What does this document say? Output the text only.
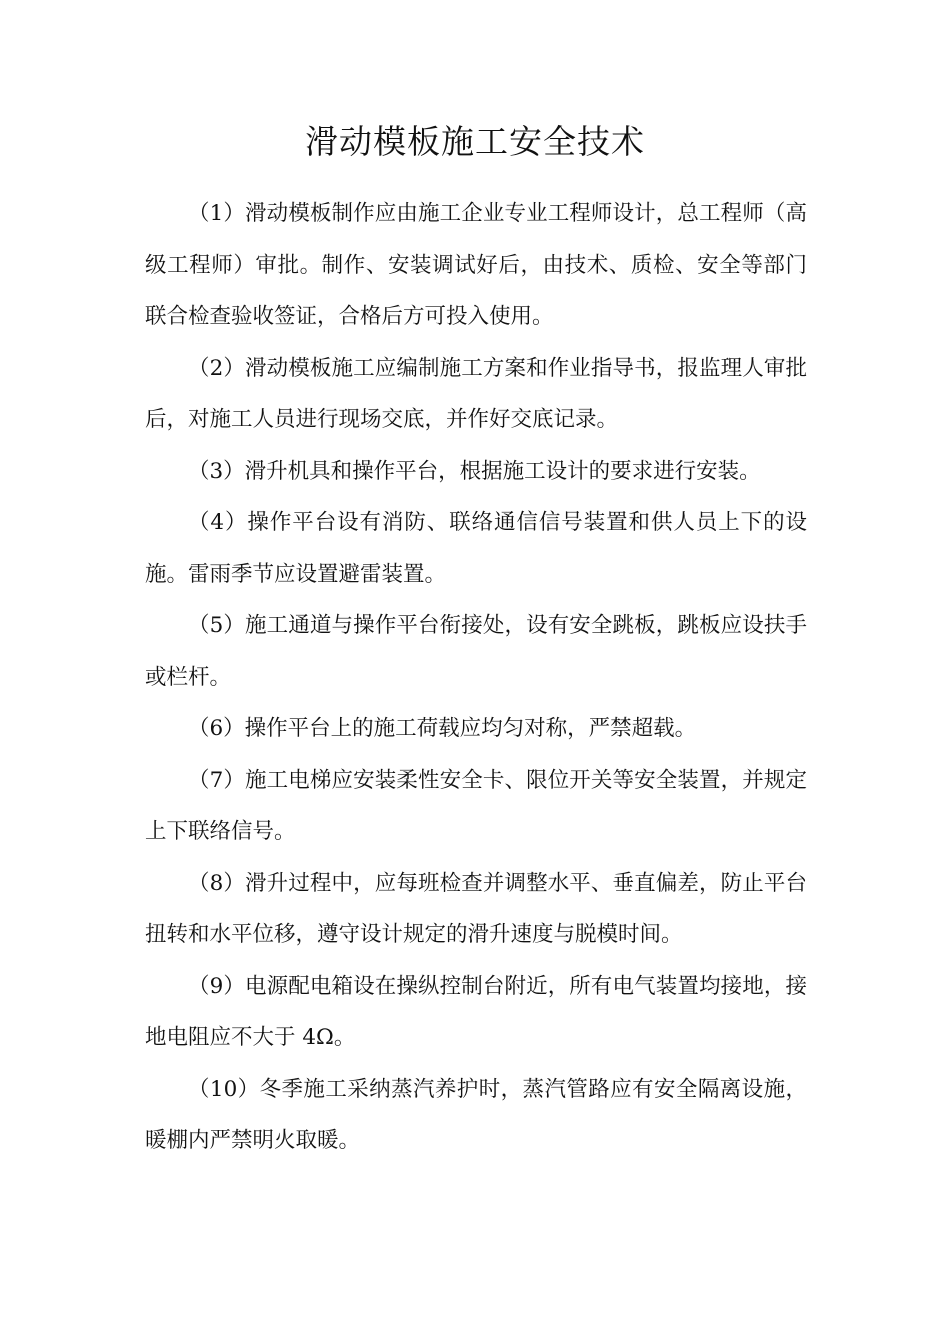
滑动模板施工安全技术

（1）滑动模板制作应由施工企业专业工程师设计，总工程师（高级工程师）审批。制作、安装调试好后，由技术、质检、安全等部门联合检查验收签证，合格后方可投入使用。

（2）滑动模板施工应编制施工方案和作业指导书，报监理人审批后，对施工人员进行现场交底，并作好交底记录。

（3）滑升机具和操作平台，根据施工设计的要求进行安装。

（4）操作平台设有消防、联络通信信号装置和供人员上下的设施。雷雨季节应设置避雷装置。

（5）施工通道与操作平台衔接处，设有安全跳板，跳板应设扶手或栏杆。

（6）操作平台上的施工荷载应均匀对称，严禁超载。

（7）施工电梯应安装柔性安全卡、限位开关等安全装置，并规定上下联络信号。

（8）滑升过程中，应每班检查并调整水平、垂直偏差，防止平台扭转和水平位移，遵守设计规定的滑升速度与脱模时间。

（9）电源配电箱设在操纵控制台附近，所有电气装置均接地，接地电阻应不大于 4Ω。

（10）冬季施工采纳蒸汽养护时，蒸汽管路应有安全隔离设施，暖棚内严禁明火取暖。
